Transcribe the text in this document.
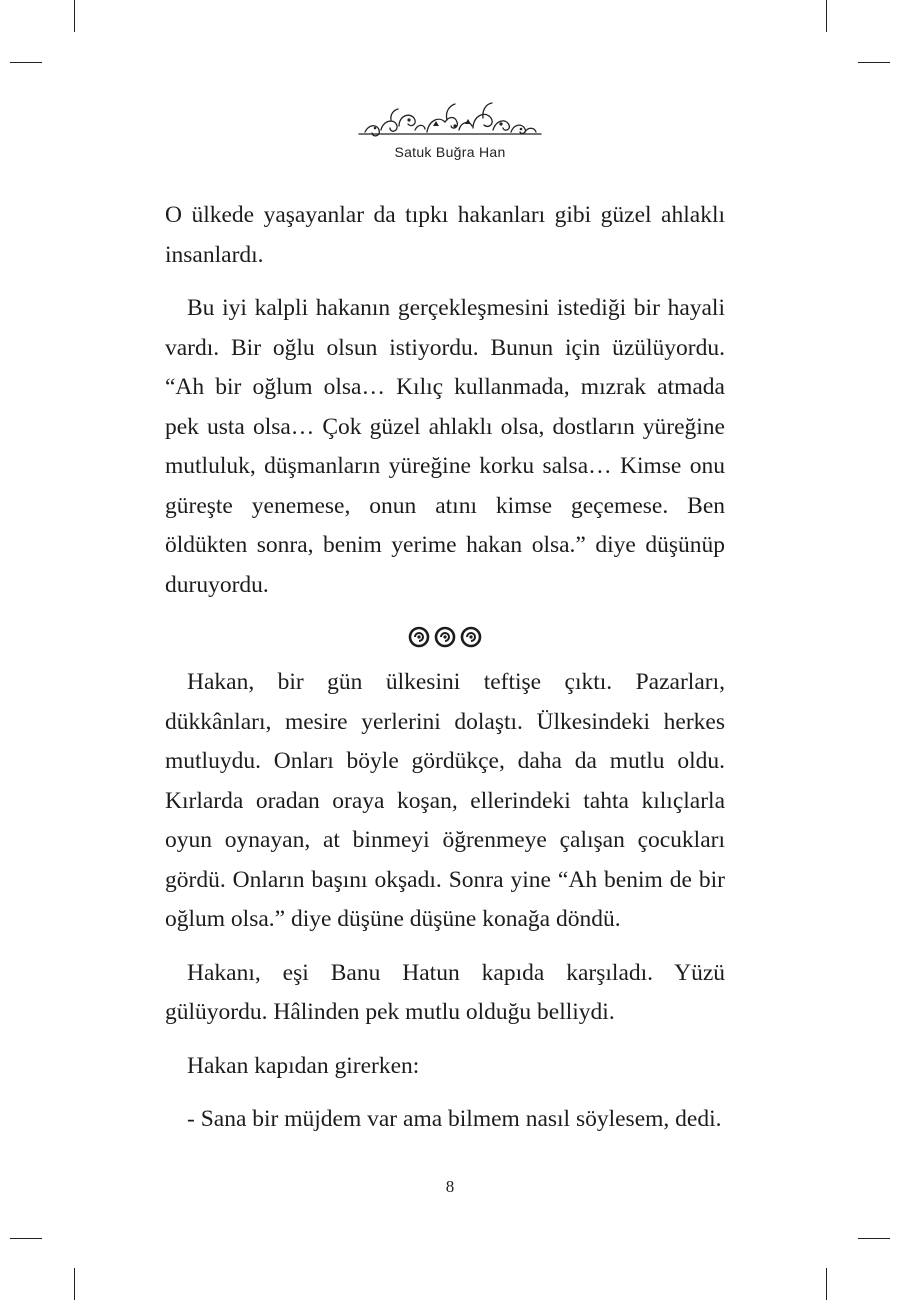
Satuk Buğra Han

O ülkede yaşayanlar da tıpkı hakanları gibi güzel ahlaklı insanlardı.

Bu iyi kalpli hakanın gerçekleşmesini istediği bir hayali vardı. Bir oğlu olsun istiyordu. Bunun için üzülüyordu. “Ah bir oğlum olsa… Kılıç kullanmada, mızrak atmada pek usta olsa… Çok güzel ahlaklı olsa, dostların yüreğine mutluluk, düşmanların yüreğine korku salsa… Kimse onu güreşte yenemese, onun atını kimse geçemese. Ben öldükten sonra, benim yerime hakan olsa.” diye düşünüp duruyordu.

Hakan, bir gün ülkesini teftişe çıktı. Pazarları, dükkânları, mesire yerlerini dolaştı. Ülkesindeki herkes mutluydu. Onları böyle gördükçe, daha da mutlu oldu. Kırlarda oradan oraya koşan, ellerindeki tahta kılıçlarla oyun oynayan, at binmeyi öğrenmeye çalışan çocukları gördü. Onların başını okşadı. Sonra yine “Ah benim de bir oğlum olsa.” diye düşüne düşüne konağa döndü.

Hakanı, eşi Banu Hatun kapıda karşıladı. Yüzü gülüyordu. Hâlinden pek mutlu olduğu belliydi.

Hakan kapıdan girerken:

- Sana bir müjdem var ama bilmem nasıl söylesem, dedi.

8
